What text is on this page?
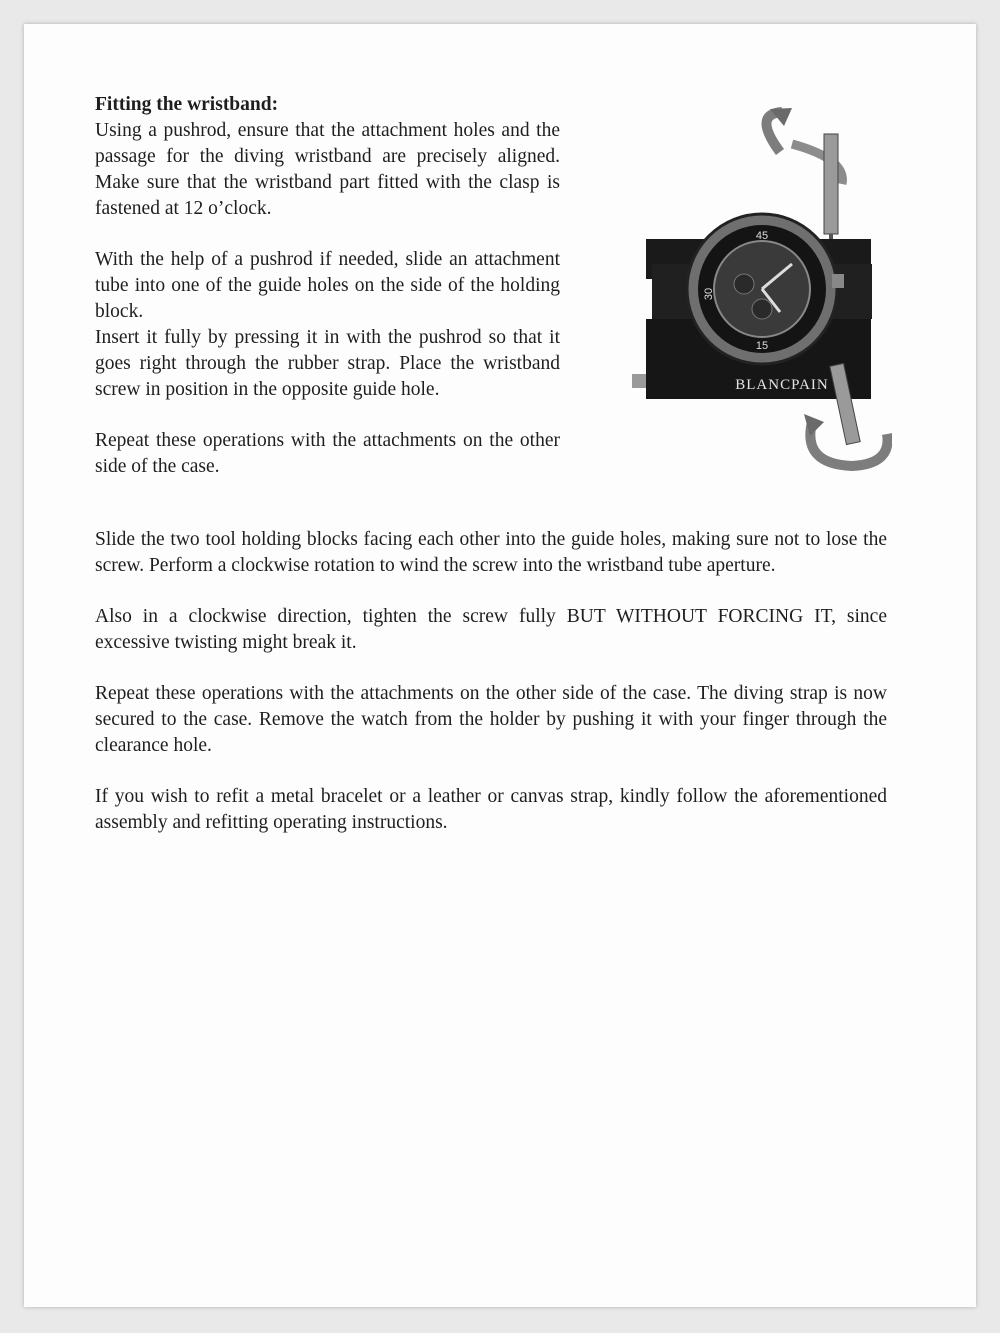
Fitting the wristband:

Using a pushrod, ensure that the attachment holes and the passage for the diving wristband are precisely aligned. Make sure that the wristband part fitted with the clasp is fastened at 12 o’clock.

With the help of a pushrod if needed, slide an attachment tube into one of the guide holes on the side of the holding block.

Insert it fully by pressing it in with the pushrod so that it goes right through the rubber strap. Place the wristband screw in position in the opposite guide hole.

Repeat these operations with the attachments on the other side of the case.

45
30
15
BLANCPAIN

Slide the two tool holding blocks facing each other into the guide holes, making sure not to lose the screw. Perform a clockwise rotation to wind the screw into the wristband tube aperture.

Also in a clockwise direction, tighten the screw fully BUT WITHOUT FORCING IT, since excessive twisting might break it.

Repeat these operations with the attachments on the other side of the case. The diving strap is now secured to the case. Remove the watch from the holder by pushing it with your finger through the clearance hole.

If you wish to refit a metal bracelet or a leather or canvas strap, kindly follow the aforementioned assembly and refitting operating instructions.
